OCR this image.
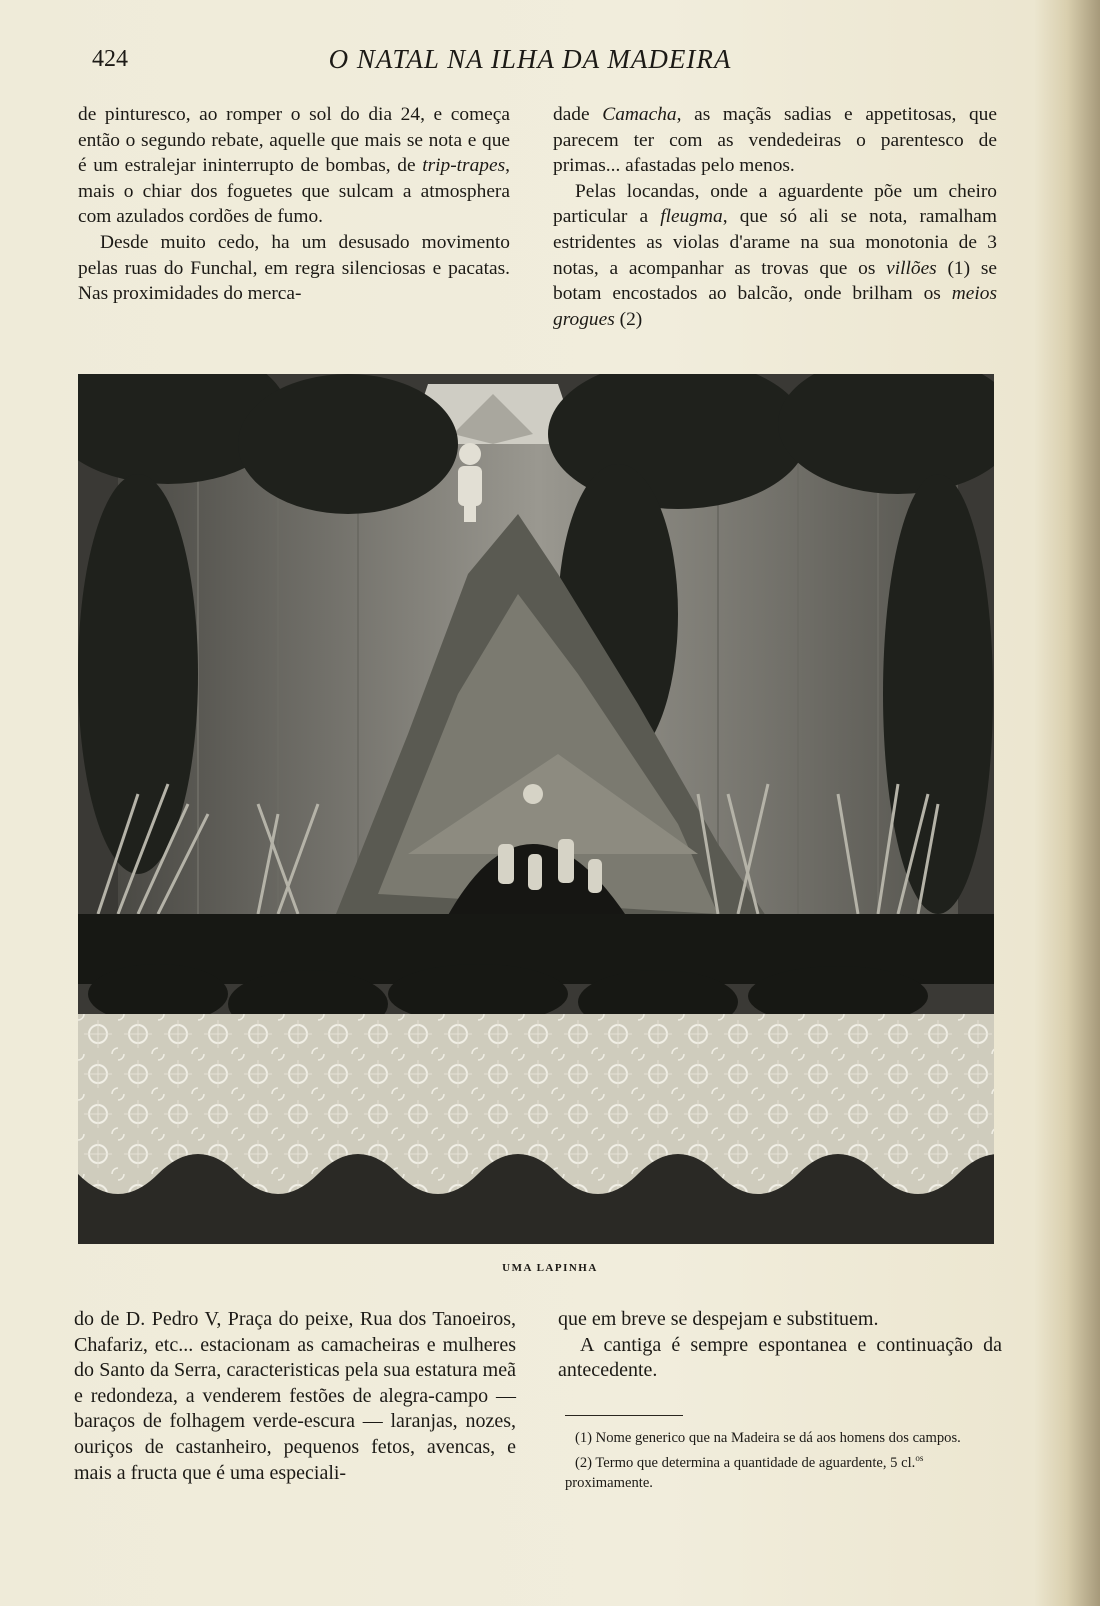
424	O NATAL NA ILHA DA MADEIRA

de pinturesco, ao romper o sol do dia 24, e começa então o segundo rebate, aquelle que mais se nota e que é um estralejar ininterrupto de bombas, de trip-trapes, mais o chiar dos foguetes que sulcam a atmosphera com azulados cordões de fumo.

Desde muito cedo, ha um desusado movimento pelas ruas do Funchal, em regra silenciosas e pacatas. Nas proximidades do merca-

dade Camacha, as maçãs sadias e appetitosas, que parecem ter com as vendedeiras o parentesco de primas... afastadas pelo menos.

Pelas locandas, onde a aguardente põe um cheiro particular a fleugma, que só ali se nota, ramalham estridentes as violas d'arame na sua monotonia de 3 notas, a acompanhar as trovas que os villões (1) se botam encostados ao balcão, onde brilham os meios grogues (2)

UMA LAPINHA

do de D. Pedro V, Praça do peixe, Rua dos Tanoeiros, Chafariz, etc... estacionam as camacheiras e mulheres do Santo da Serra, caracteristicas pela sua estatura meã e redondeza, a venderem festões de alegra-campo — baraços de folhagem verde-escura — laranjas, nozes, ouriços de castanheiro, pequenos fetos, avencas, e mais a fructa que é uma especiali-

que em breve se despejam e substituem.

A cantiga é sempre espontanea e continuação da antecedente.

(1) Nome generico que na Madeira se dá aos homens dos campos.

(2) Termo que determina a quantidade de aguardente, 5 cl.$^{os}$ proximamente.
